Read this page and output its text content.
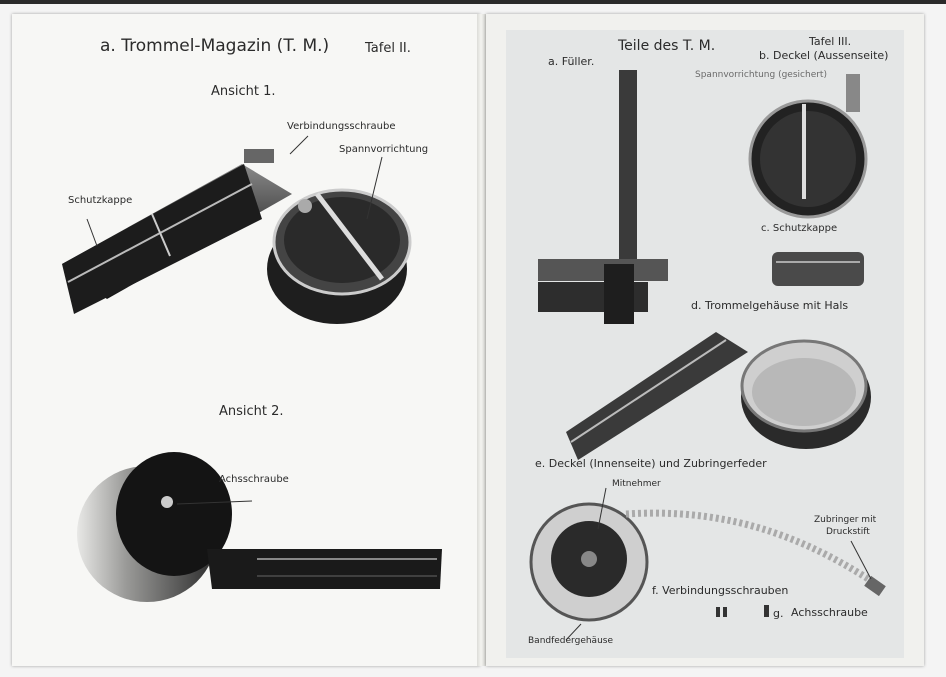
a. Trommel-Magazin (T. M.)	Tafel II.
Ansicht 1.
Verbindungsschraube
Spannvorrichtung
Schutzkappe
Ansicht 2.
Achsschraube
Teile des T. M.	Tafel III.
a. Füller.	b. Deckel (Aussenseite)
Spannvorrichtung (gesichert)
c. Schutzkappe
d. Trommelgehäuse mit Hals
e. Deckel (Innenseite) und Zubringerfeder
Mitnehmer
Zubringer mit
Druckstift
f. Verbindungsschrauben
g. Achsschraube
Bandfedergehäuse
